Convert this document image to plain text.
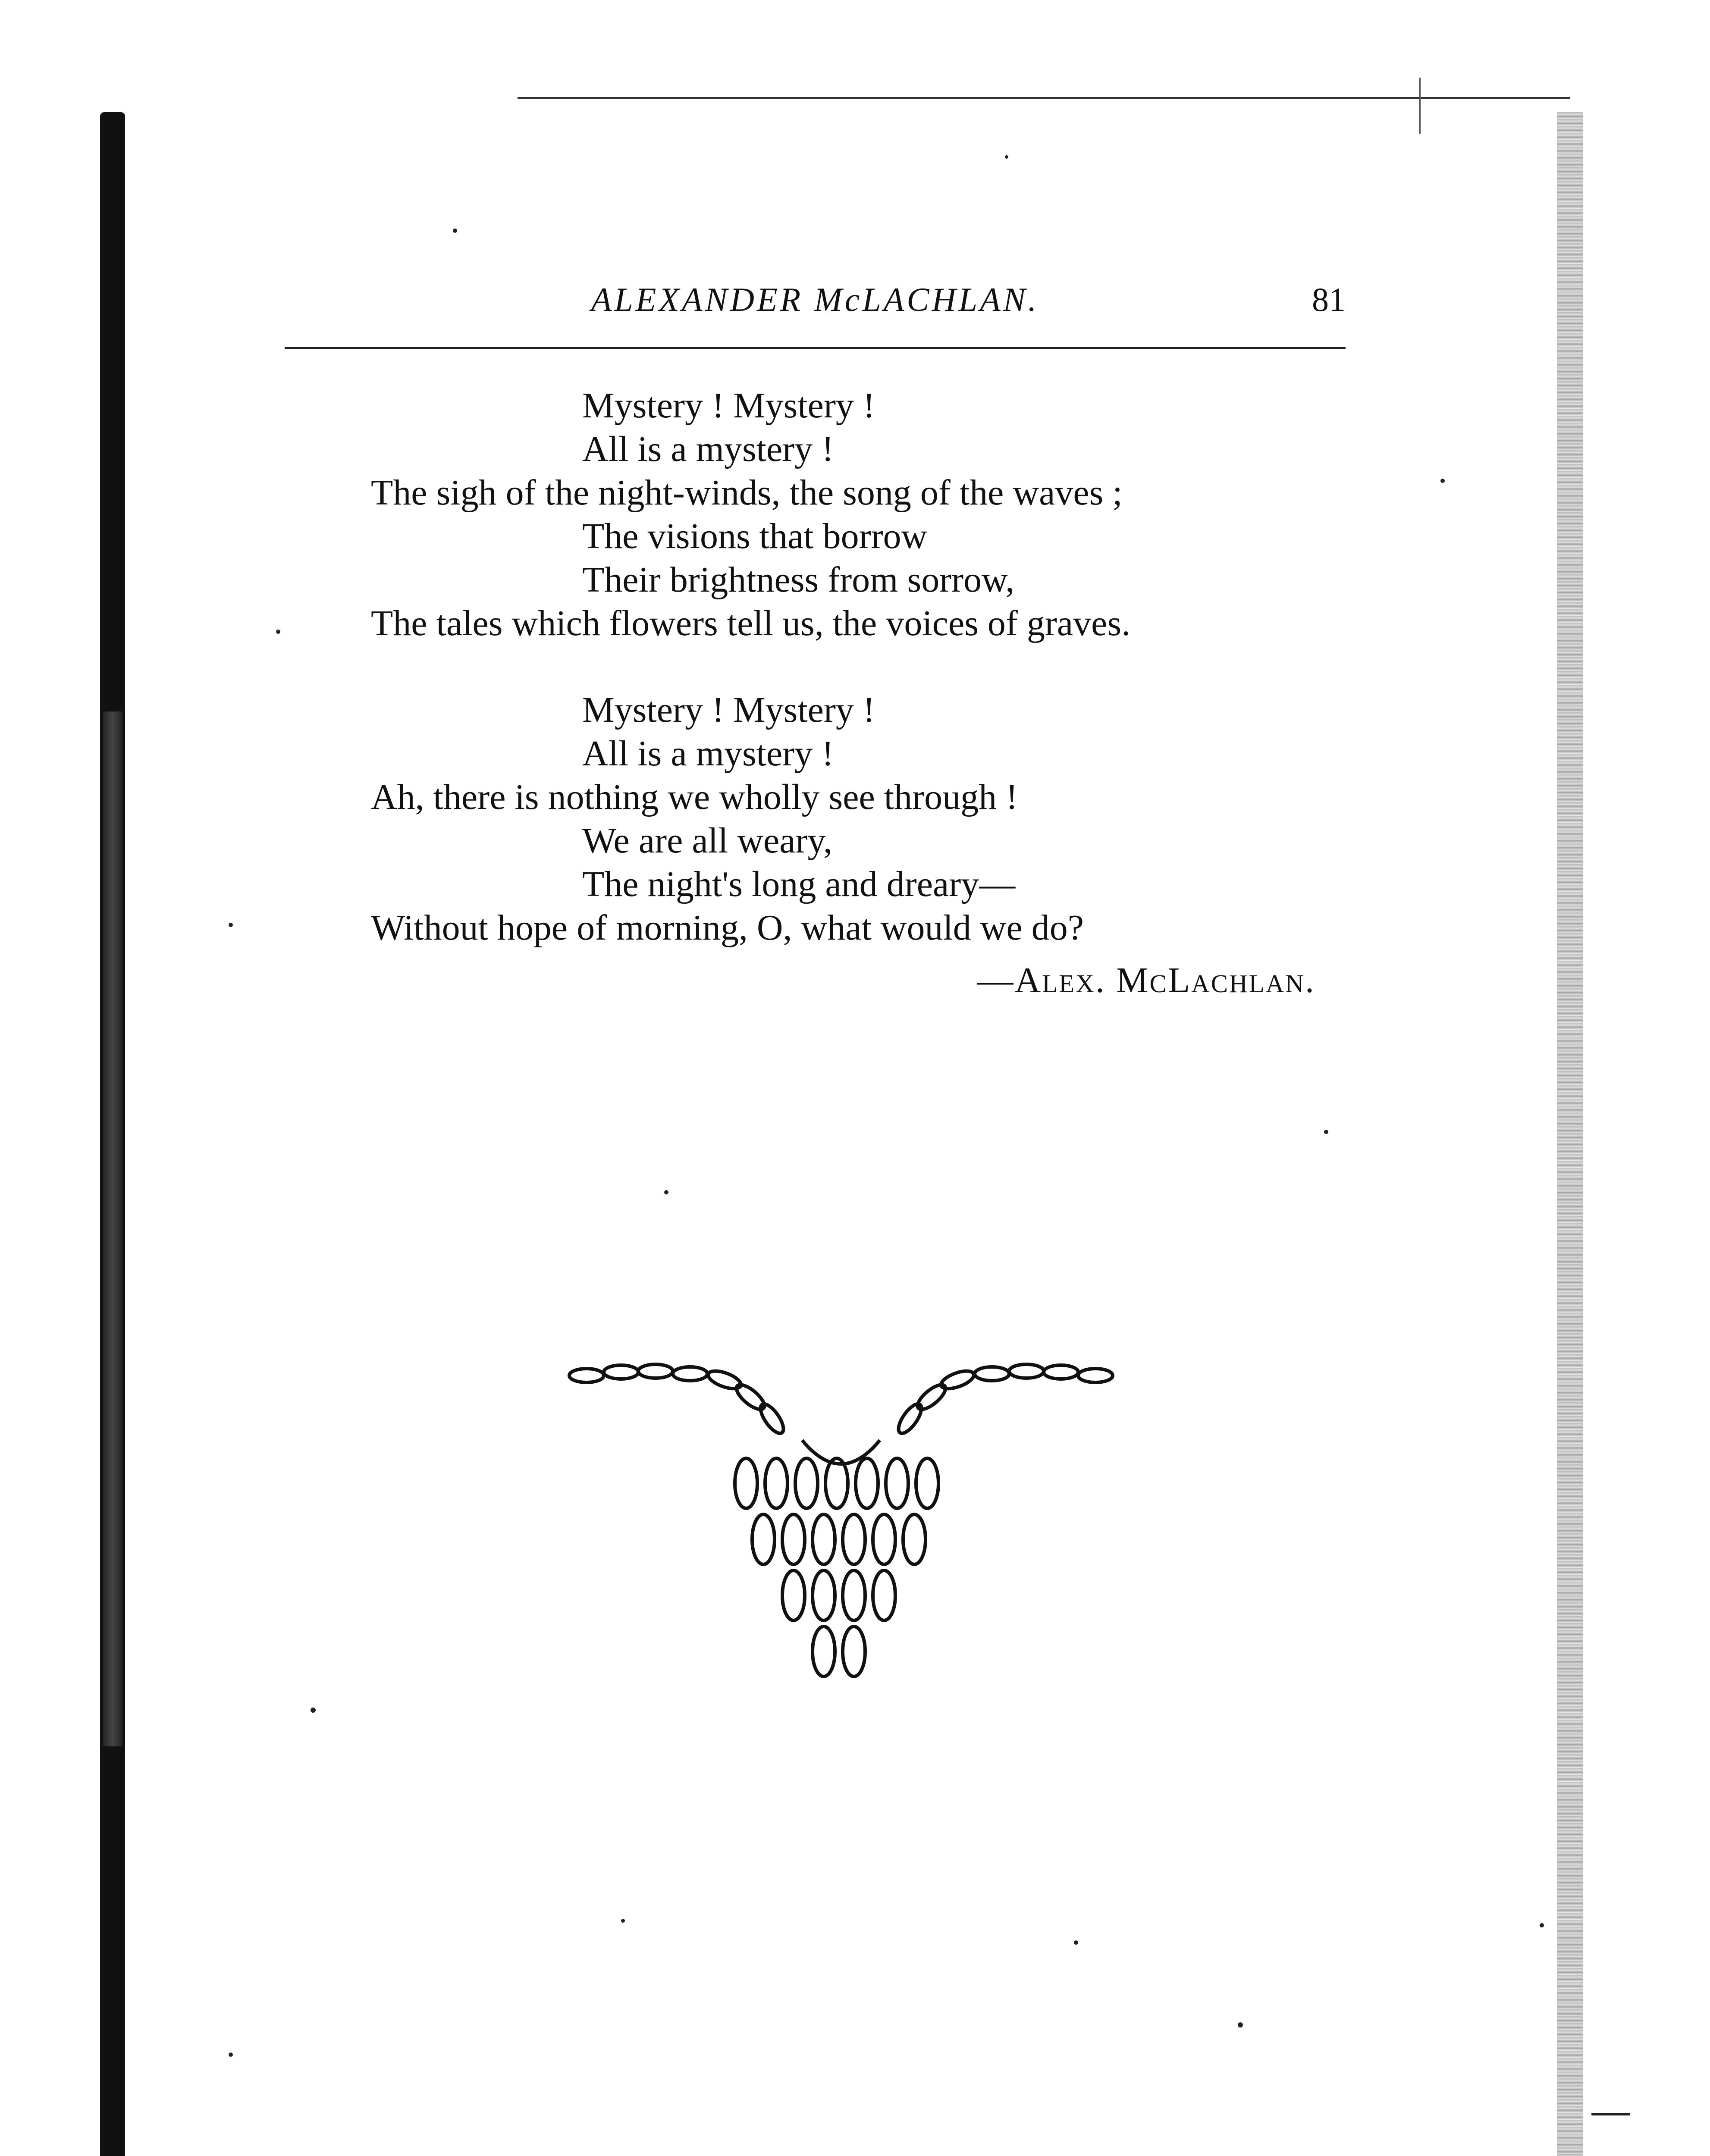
ALEXANDER McLACHLAN.	81
Mystery ! Mystery !
All is a mystery !
The sigh of the night-winds, the song of the waves ;
The visions that borrow
Their brightness from sorrow,
The tales which flowers tell us, the voices of graves.
Mystery ! Mystery !
All is a mystery !
Ah, there is nothing we wholly see through !
We are all weary,
The night's long and dreary—
Without hope of morning, O, what would we do?
—Alex. McLachlan.
